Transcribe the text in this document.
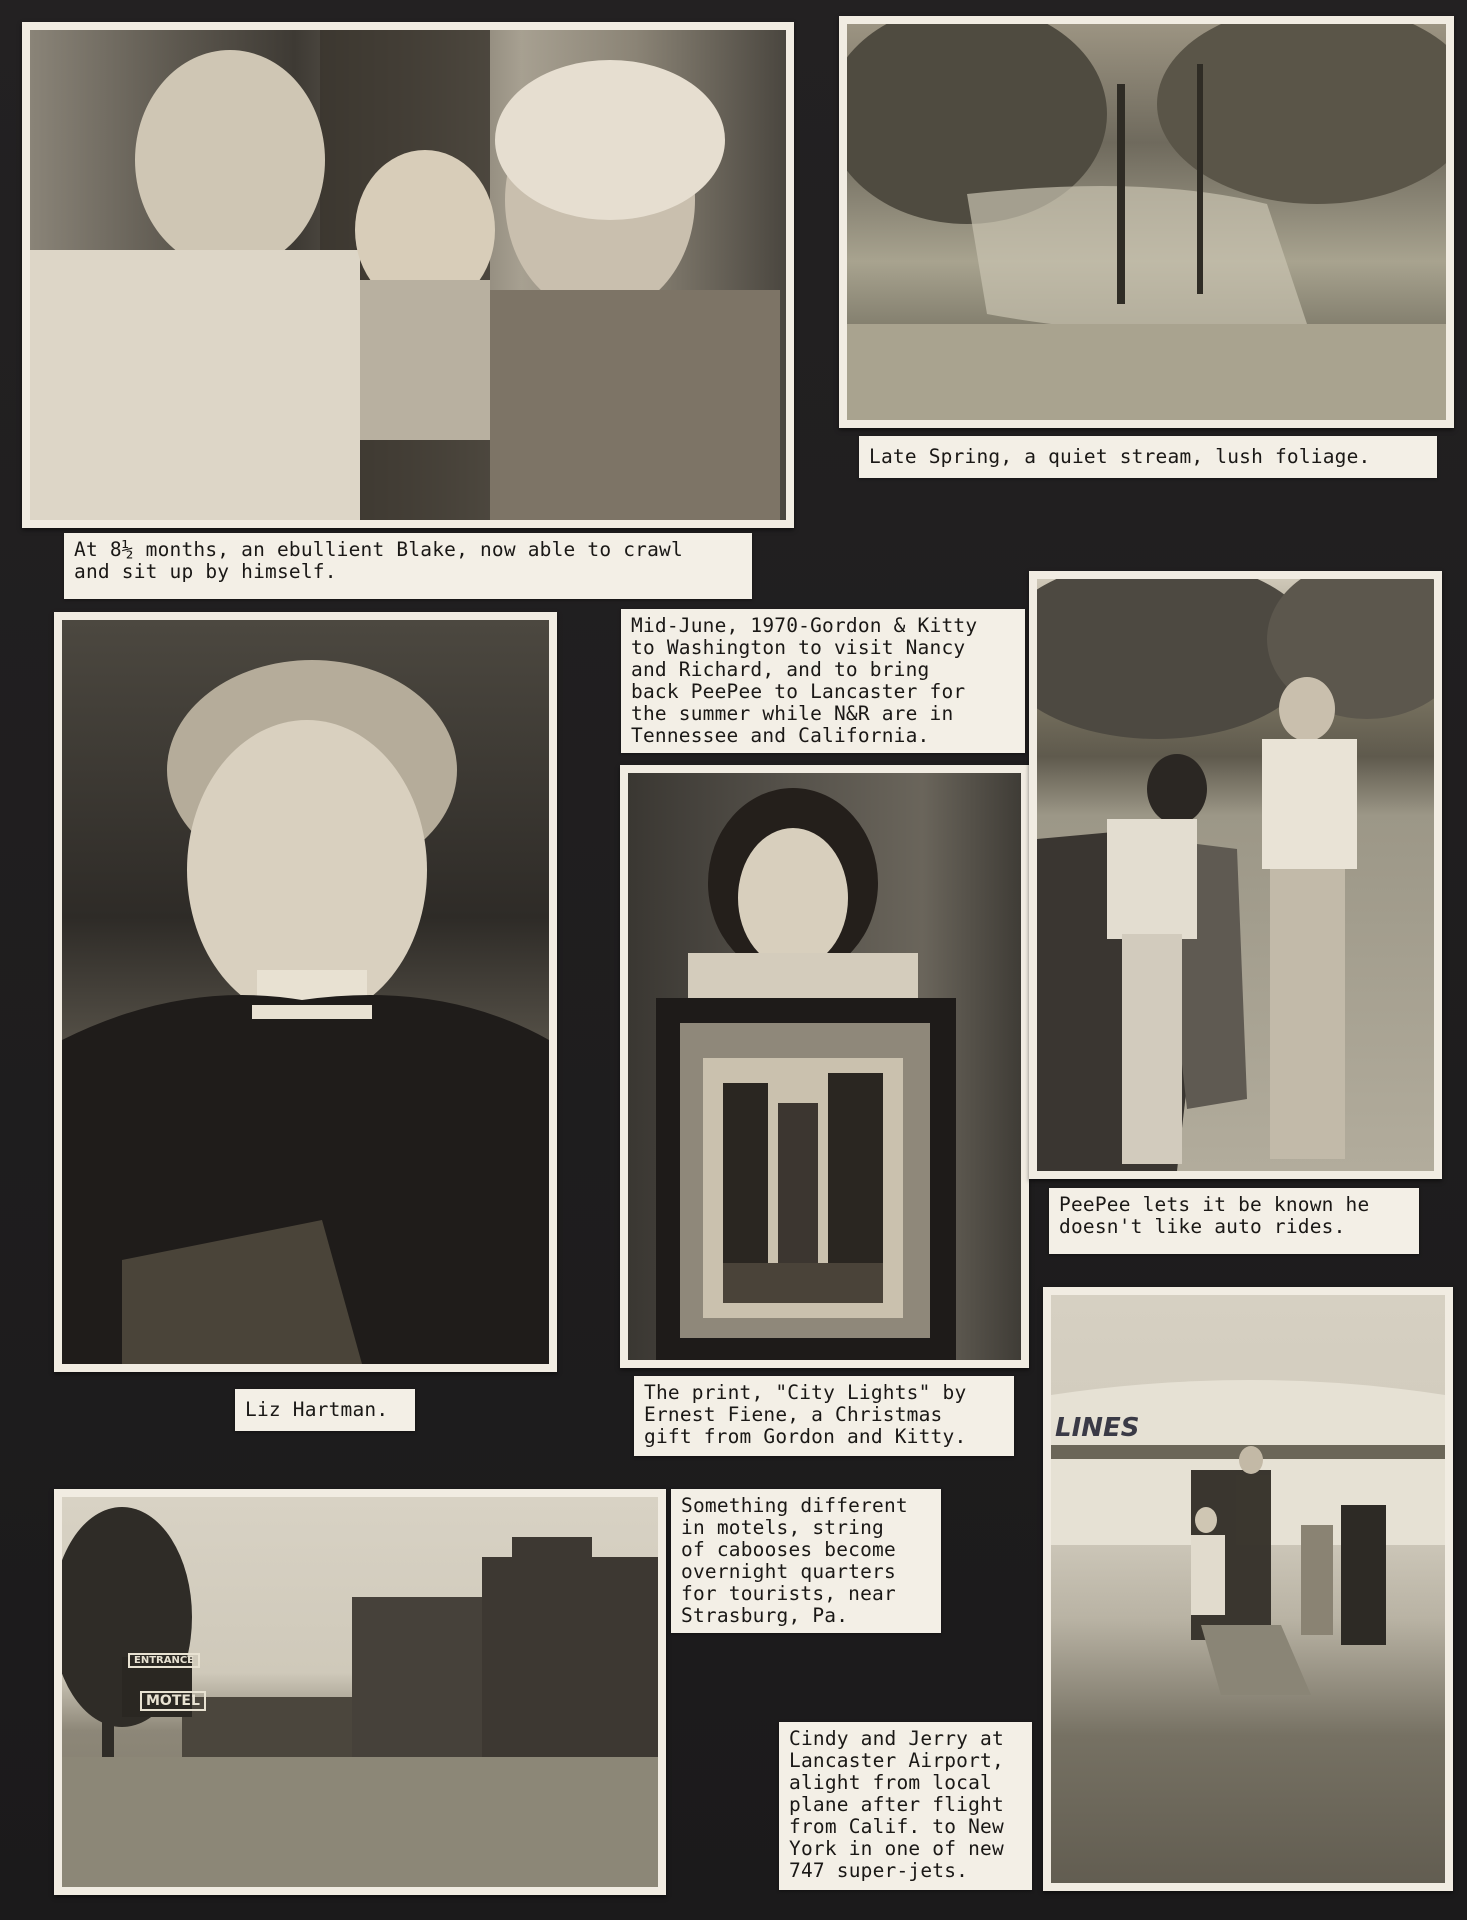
At 8½ months, an ebullient Blake, now able to crawl
and sit up by himself.
Late Spring, a quiet stream, lush foliage.
Liz Hartman.
Mid-June, 1970-Gordon & Kitty
to Washington to visit Nancy
and Richard, and to bring
back PeePee to Lancaster for
the summer while N&R are in
Tennessee and California.
The print, "City Lights" by
Ernest Fiene, a Christmas
gift from Gordon and Kitty.
PeePee lets it be known he
doesn't like auto rides.
MOTEL
ENTRANCE
Something different
in motels, string
of cabooses become
overnight quarters
for tourists, near
Strasburg, Pa.
Cindy and Jerry at
Lancaster Airport,
alight from local
plane after flight
from Calif. to New
York in one of new
747 super-jets.
LINES
